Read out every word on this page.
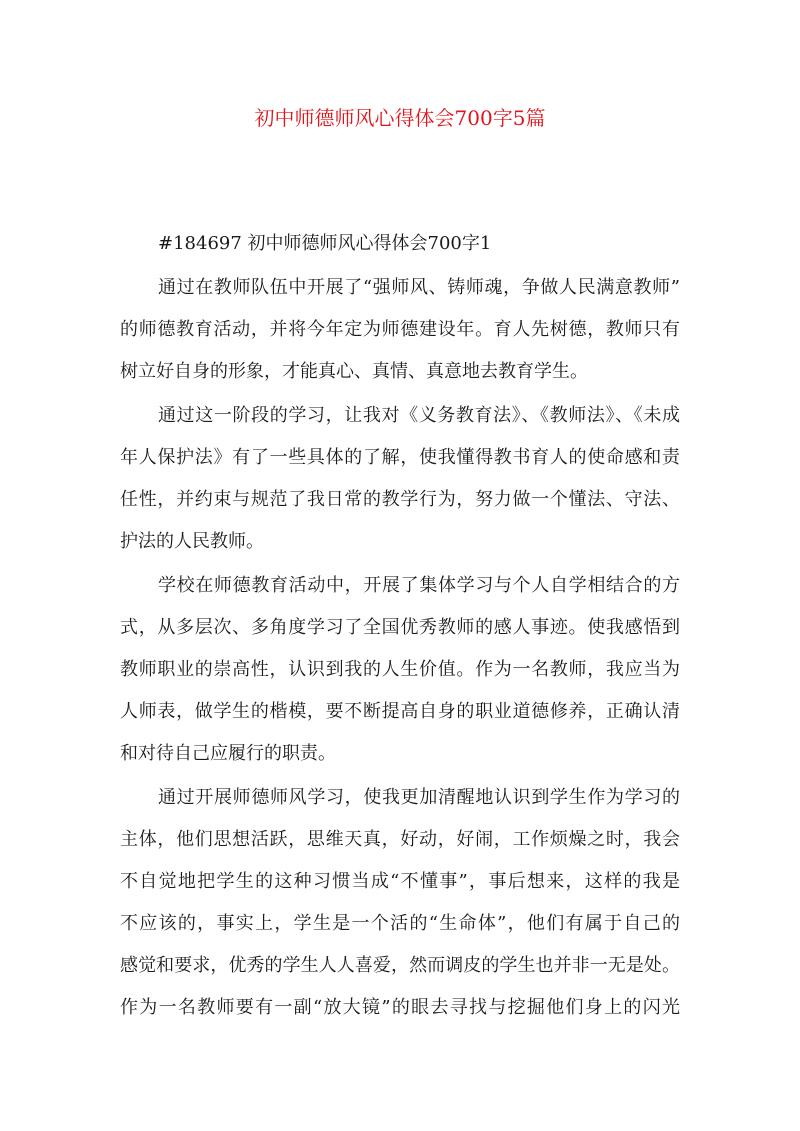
初中师德师风心得体会700字5篇
#184697 初中师德师风心得体会700字1
通过在教师队伍中开展了“强师风、铸师魂，争做人民满意教师”
的师德教育活动，并将今年定为师德建设年。育人先树德，教师只有
树立好自身的形象，才能真心、真情、真意地去教育学生。
通过这一阶段的学习，让我对《义务教育法》、《教师法》、《未成
年人保护法》有了一些具体的了解，使我懂得教书育人的使命感和责
任性，并约束与规范了我日常的教学行为，努力做一个懂法、守法、
护法的人民教师。
学校在师德教育活动中，开展了集体学习与个人自学相结合的方
式，从多层次、多角度学习了全国优秀教师的感人事迹。使我感悟到
教师职业的崇高性，认识到我的人生价值。作为一名教师，我应当为
人师表，做学生的楷模，要不断提高自身的职业道德修养，正确认清
和对待自己应履行的职责。
通过开展师德师风学习，使我更加清醒地认识到学生作为学习的
主体，他们思想活跃，思维天真，好动，好闹，工作烦燥之时，我会
不自觉地把学生的这种习惯当成“不懂事”，事后想来，这样的我是
不应该的，事实上，学生是一个活的“生命体”，他们有属于自己的
感觉和要求，优秀的学生人人喜爱，然而调皮的学生也并非一无是处。
作为一名教师要有一副“放大镜”的眼去寻找与挖掘他们身上的闪光
